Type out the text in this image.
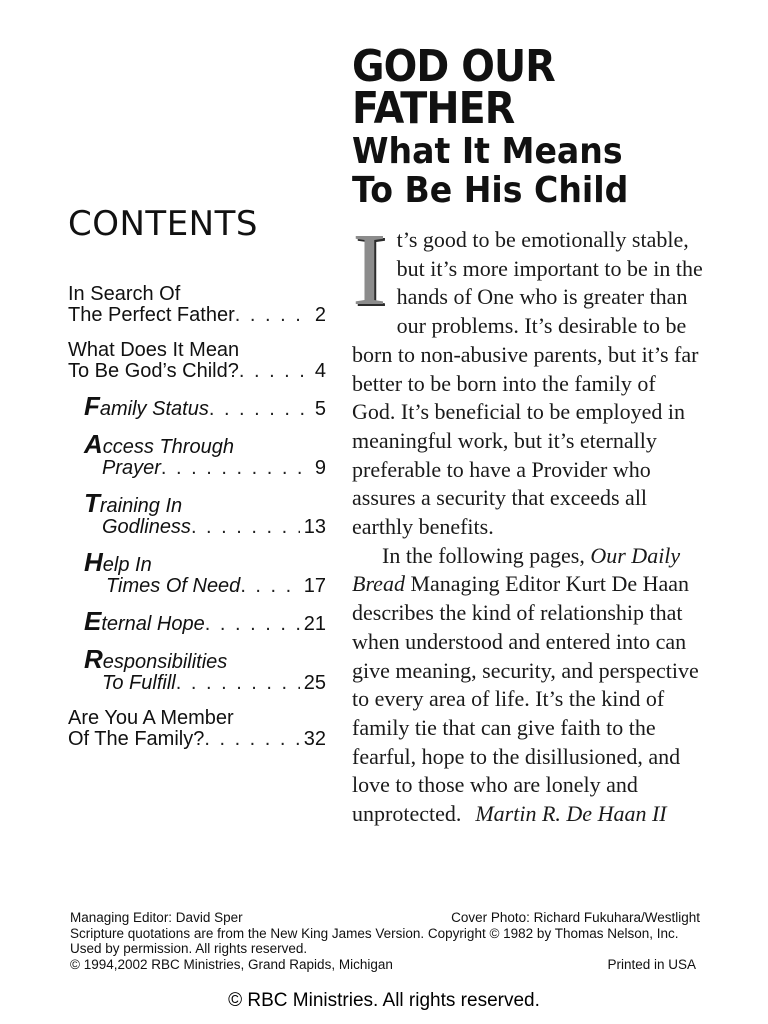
GOD OUR
FATHER
What It Means
To Be His Child
CONTENTS
In Search Of
The Perfect Father . . .	2
What Does It Mean
To Be God’s Child? . . .	4
Family Status . . .	5
Access Through
Prayer . . .	9
Training In
Godliness . . .	13
Help In
Times Of Need . . .	17
Eternal Hope . . .	21
Responsibilities
To Fulfill . . .	25
Are You A Member
Of The Family? . . .	32

It’s good to be emotionally stable, but it’s more important to be in the hands of One who is greater than our problems. It’s desirable to be born to non-abusive parents, but it’s far better to be born into the family of God. It’s beneficial to be employed in meaningful work, but it’s eternally preferable to have a Provider who assures a security that exceeds all earthly benefits.

In the following pages, Our Daily Bread Managing Editor Kurt De Haan describes the kind of relationship that when understood and entered into can give meaning, security, and perspective to every area of life. It’s the kind of family tie that can give faith to the fearful, hope to the disillusioned, and love to those who are lonely and unprotected. Martin R. De Haan II

Managing Editor: David Sper	Cover Photo: Richard Fukuhara/Westlight
Scripture quotations are from the New King James Version. Copyright © 1982 by Thomas Nelson, Inc. Used by permission. All rights reserved.
© 1994,2002 RBC Ministries, Grand Rapids, Michigan	Printed in USA
© RBC Ministries. All rights reserved.
